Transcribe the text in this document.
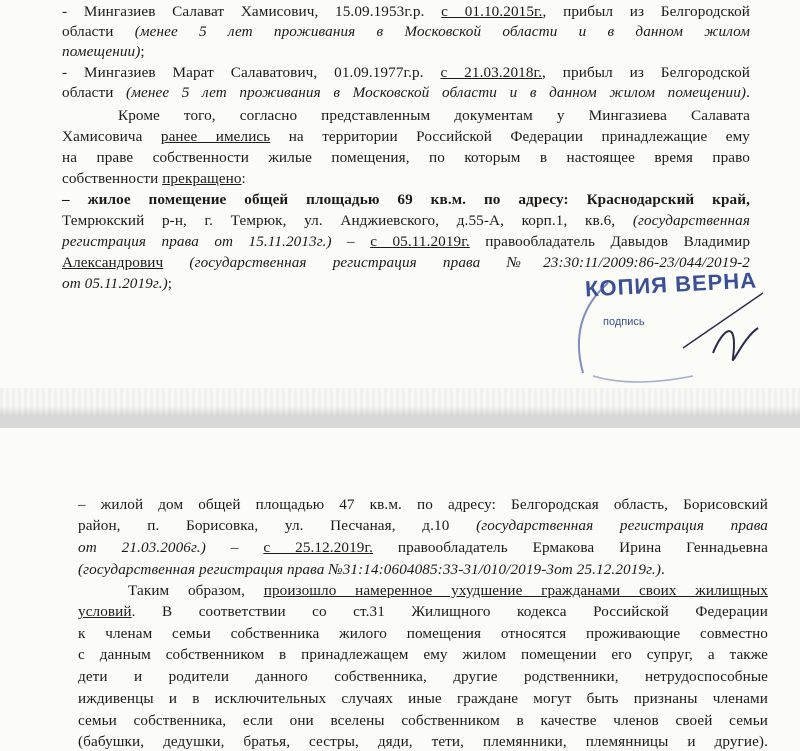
- Мингазиев Салават Хамисович, 15.09.1953г.р. с 01.10.2015г., прибыл из Белгородской
области (менее 5 лет проживания в Московской области и в данном жилом
помещении);
- Мингазиев Марат Салаватович, 01.09.1977г.р. с 21.03.2018г., прибыл из Белгородской
области (менее 5 лет проживания в Московской области и в данном жилом помещении).
Кроме того, согласно представленным документам у Мингазиева Салавата
Хамисовича ранее имелись на территории Российской Федерации принадлежащие ему
на праве собственности жилые помещения, по которым в настоящее время право
собственности прекращено:
– жилое помещение общей площадью 69 кв.м. по адресу: Краснодарский край,
Темрюкский р-н, г. Темрюк, ул. Анджиевского, д.55-А, корп.1, кв.6, (государственная
регистрация права от 15.11.2013г.) – с 05.11.2019г. правообладатель Давыдов Владимир
Александрович (государственная регистрация права №23:30:11/2009:86-23/044/2019-2
от 05.11.2019г.);	КОПИЯ ВЕРНА
подпись
– жилой дом общей площадью 47 кв.м. по адресу: Белгородская область, Борисовский
район, п. Борисовка, ул. Песчаная, д.10 (государственная регистрация права
от 21.03.2006г.) – с 25.12.2019г. правообладатель Ермакова Ирина Геннадьевна
(государственная регистрация права №31:14:0604085:33-31/010/2019-3от 25.12.2019г.).
Таким образом, произошло намеренное ухудшение гражданами своих жилищных
условий. В соответствии со ст.31 Жилищного кодекса Российской Федерации
к членам семьи собственника жилого помещения относятся проживающие совместно
с данным собственником в принадлежащем ему жилом помещении его супруг, а также
дети и родители данного собственника, другие родственники, нетрудоспособные
иждивенцы и в исключительных случаях иные граждане могут быть признаны членами
семьи собственника, если они вселены собственником в качестве членов своей семьи
(бабушки, дедушки, братья, сестры, дяди, тети, племянники, племянницы и другие).
